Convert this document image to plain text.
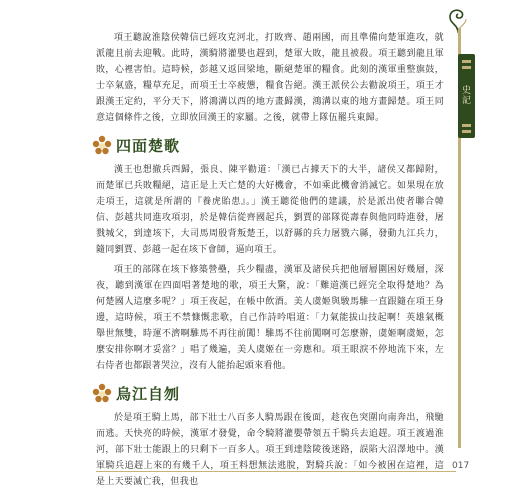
史記

項王聽說淮陰侯韓信已經攻克河北，打敗齊、趙兩國，而且準備向楚軍進攻，就派龍且前去迎戰。此時，漢騎將灌嬰也趕到，楚軍大敗，龍且被殺。項王聽到龍且軍敗，心裡害怕。這時候，彭越又返回梁地，斷絕楚軍的糧食。此刻的漢軍重整旗鼓，士卒氣盛，糧草充足，而項王士卒疲憊，糧食告絕。漢王派侯公去勸說項王，項王才跟漢王定約，平分天下，將鴻溝以西的地方畫歸漢，鴻溝以東的地方畫歸楚。項王同意這個條件之後，立即放回漢王的家屬。之後，就帶上隊伍罷兵東歸。

四面楚歌

漢王也想撤兵西歸，張良、陳平勸道：「漢已占據天下的大半，諸侯又都歸附，而楚軍已兵敗糧絕，這正是上天亡楚的大好機會，不如乘此機會消滅它。如果現在放走項王，這就是所謂的『養虎貽患』。」漢王聽從他們的建議，於是派出使者聯合韓信、彭越共同進攻項羽，於是韓信從齊國起兵，劉賈的部隊從壽春與他同時進發，屠戮城父，到達垓下，大司馬周殷背叛楚王，以舒縣的兵力屠戮六縣，發動九江兵力，隨同劉賈、彭越一起在垓下會師，逼向項王。

項王的部隊在垓下修築營壘，兵少糧盡，漢軍及諸侯兵把他層層圍困好幾層，深夜，聽到漢軍在四面唱著楚地的歌，項王大驚，說：「難道漢已經完全取得楚地？為何楚國人這麼多呢？」項王夜起，在帳中飲酒。美人虞姬與駿馬騅一直跟隨在項王身邊，這時候，項王不禁慷慨悲歌，自己作詩吟唱道：「力氣能拔山技起啊！英雄氣概舉世無雙，時運不濟啊騅馬不再往前闖！騅馬不往前闖啊可怎麼辦，虞姬啊虞姬，怎麼安排你啊才妥當？」唱了幾遍，美人虞姬在一旁應和。項王眼淚不停地流下來，左右侍者也都跟著哭泣，沒有人能抬起頭來看他。

烏江自刎

於是項王騎上馬，部下壯士八百多人騎馬跟在後面，趁夜色突圍向南奔出，飛馳而逃。天快亮的時候，漢軍才發覺，命令騎將灌嬰帶領五千騎兵去追趕。項王渡過淮河，部下壯士能跟上的只剩下一百多人。項王到達陰陵後迷路，誤陷大沼澤地中。漢軍騎兵追趕上來的有幾千人，項王料想無法逃脫，對騎兵說：「如今被困在這裡，這是上天要滅亡我，但我也

017
